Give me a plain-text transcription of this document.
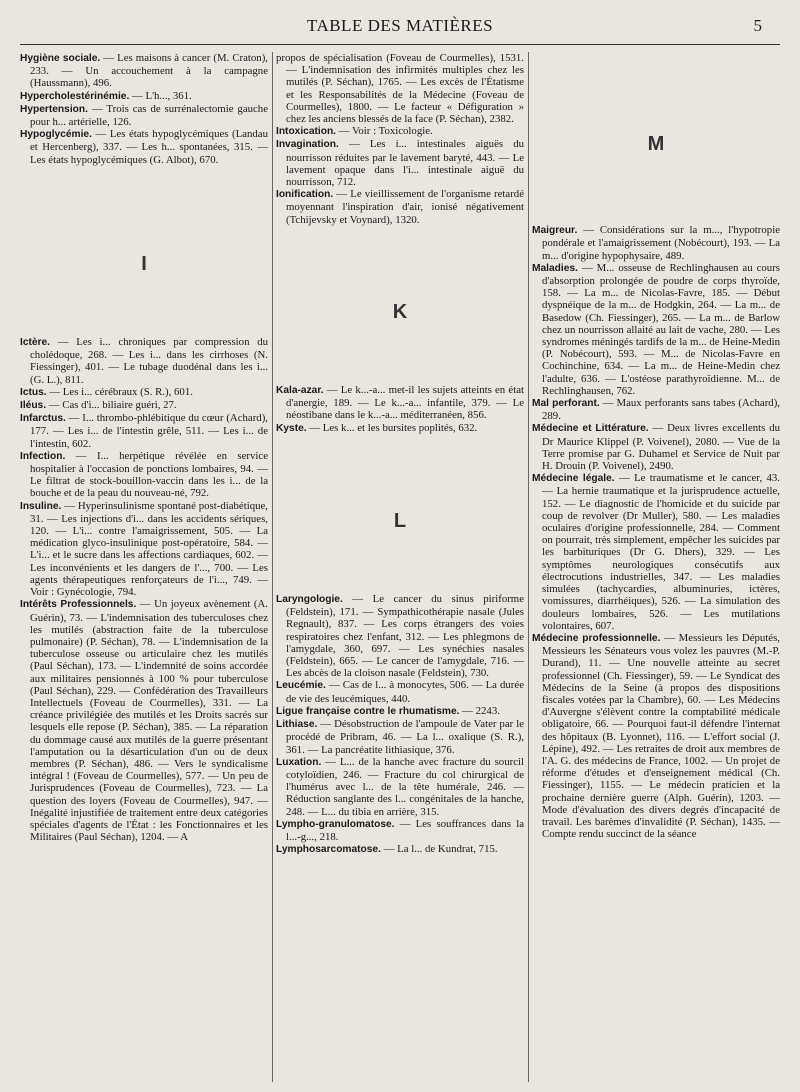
TABLE DES MATIÈRES	5

Hygiène sociale. — Les maisons à cancer (M. Craton), 233. — Un accouchement à la campagne (Haussmann), 496.

Hypercholestérinémie. — L'h..., 361.

Hypertension. — Trois cas de surrénalectomie gauche pour h... artérielle, 126.

Hypoglycémie. — Les états hypoglycémiques (Landau et Hercenberg), 337. — Les h... spontanées, 315. — Les états hypoglycémiques (G. Albot), 670.

I

Ictère. — Les i... chroniques par compression du cholédoque, 268. — Les i... dans les cirrhoses (N. Fiessinger), 401. — Le tubage duodénal dans les i... (G. L.), 811.

Ictus. — Les i... cérébraux (S. R.), 601.

Iléus. — Cas d'i... biliaire guéri, 27.

Infarctus. — I... thrombo-phlébitique du cœur (Achard), 177. — Les i... de l'intestin grêle, 511. — Les i... de l'intestin, 602.

Infection. — I... herpétique révélée en service hospitalier à l'occasion de ponctions lombaires, 94. — Le filtrat de stock-bouillon-vaccin dans les i... de la bouche et de la peau du nouveau-né, 792.

Insuline. — Hyperinsulinisme spontané post-diabétique, 31. — Les injections d'i... dans les accidents sériques, 120. — L'i... contre l'amaigrissement, 505. — La médication glyco-insulinique post-opératoire, 584. — L'i... et le sucre dans les affections cardiaques, 602. — Les inconvénients et les dangers de l'..., 700. — Les agents thérapeutiques renforçateurs de l'i..., 749. — Voir : Gynécologie, 794.

Intérêts Professionnels. — Un joyeux avènement (A. Guérin), 73. — L'indemnisation des tuberculoses chez les mutilés (abstraction faite de la tuberculose pulmonaire) (P. Séchan), 78. — L'indemnisation de la tuberculose osseuse ou articulaire chez les mutilés (Paul Séchan), 173. — L'indemnité de soins accordée aux militaires pensionnés à 100 % pour tuberculose (Paul Séchan), 229. — Confédération des Travailleurs Intellectuels (Foveau de Courmelles), 331. — La créance privilégiée des mutilés et les Droits sacrés sur lesquels elle repose (P. Séchan), 385. — La réparation du dommage causé aux mutilés de la guerre présentant l'amputation ou la désarticulation d'un ou de deux membres (P. Séchan), 486. — Vers le syndicalisme intégral ! (Foveau de Courmelles), 577. — Un peu de Jurisprudences (Foveau de Courmelles), 723. — La question des loyers (Foveau de Courmelles), 947. — Inégalité injustifiée de traitement entre deux catégories spéciales d'agents de l'État : les Fonctionnaires et les Militaires (Paul Séchan), 1204. — A

propos de spécialisation (Foveau de Courmelles), 1531. — L'indemnisation des infirmités multiples chez les mutilés (P. Séchan), 1765. — Les excès de l'Étatisme et les Responsabilités de la Médecine (Foveau de Courmelles), 1800. — Le facteur « Défiguration » chez les anciens blessés de la face (P. Séchan), 2382.

Intoxication. — Voir : Toxicologie.

Invagination. — Les i... intestinales aiguës du nourrisson réduites par le lavement baryté, 443. — Le lavement opaque dans l'i... intestinale aiguë du nourrisson, 712.

Ionification. — Le vieillissement de l'organisme retardé moyennant l'inspiration d'air, ionisé négativement (Tchijevsky et Voynard), 1320.

K

Kala-azar. — Le k...-a... met-il les sujets atteints en état d'anergie, 189. — Le k...-a... infantile, 379. — Le néostibane dans le k...-a... méditerranéen, 856.

Kyste. — Les k... et les bursites poplités, 632.

L

Laryngologie. — Le cancer du sinus piriforme (Feldstein), 171. — Sympathicothérapie nasale (Jules Regnault), 837. — Les corps étrangers des voies respiratoires chez l'enfant, 312. — Les phlegmons de l'amygdale, 360, 697. — Les synéchies nasales (Feldstein), 665. — Le cancer de l'amygdale, 716. — Les abcès de la cloison nasale (Feldstein), 730.

Leucémie. — Cas de l... à monocytes, 506. — La durée de vie des leucémiques, 440.

Ligue française contre le rhumatisme. — 2243.

Lithiase. — Désobstruction de l'ampoule de Vater par le procédé de Pribram, 46. — La l... oxalique (S. R.), 361. — La pancréatite lithiasique, 376.

Luxation. — L... de la hanche avec fracture du sourcil cotyloïdien, 246. — Fracture du col chirurgical de l'humérus avec l... de la tête humérale, 246. — Réduction sanglante des l... congénitales de la hanche, 248. — L... du tibia en arrière, 315.

Lympho-granulomatose. — Les souffrances dans la l...-g..., 218.

Lymphosarcomatose. — La l... de Kundrat, 715.

M

Maigreur. — Considérations sur la m..., l'hypotropie pondérale et l'amaigrissement (Nobécourt), 193. — La m... d'origine hypophysaire, 489.

Maladies. — M... osseuse de Rechlinghausen au cours d'absorption prolongée de poudre de corps thyroïde, 158. — La m... de Nicolas-Favre, 185. — Début dyspnéique de la m... de Hodgkin, 264. — La m... de Basedow (Ch. Fiessinger), 265. — La m... de Barlow chez un nourrisson allaité au lait de vache, 280. — Les syndromes méningés tardifs de la m... de Heine-Medin (P. Nobécourt), 593. — M... de Nicolas-Favre en Cochinchine, 634. — La m... de Heine-Medin chez l'adulte, 636. — L'ostéose parathyroïdienne. M... de Rechlinghausen, 762.

Mal perforant. — Maux perforants sans tabes (Achard), 289.

Médecine et Littérature. — Deux livres excellents du Dr Maurice Klippel (P. Voivenel), 2080. — Vue de la Terre promise par G. Duhamel et Service de Nuit par H. Drouin (P. Voivenel), 2490.

Médecine légale. — Le traumatisme et le cancer, 43. — La hernie traumatique et la jurisprudence actuelle, 152. — Le diagnostic de l'homicide et du suicide par coup de revolver (Dr Muller), 580. — Les maladies oculaires d'origine professionnelle, 284. — Comment on pourrait, très simplement, empêcher les suicides par les barbituriques (Dr G. Dhers), 329. — Les symptômes neurologiques consécutifs aux électrocutions industrielles, 347. — Les maladies simulées (tachycardies, albuminuries, ictères, vomissures, diarrhéiques), 526. — La simulation des douleurs lombaires, 526. — Les mutilations volontaires, 607.

Médecine professionnelle. — Messieurs les Députés, Messieurs les Sénateurs vous volez les pauvres (M.-P. Durand), 11. — Une nouvelle atteinte au secret professionnel (Ch. Fiessinger), 59. — Le Syndicat des Médecins de la Seine (à propos des dispositions fiscales votées par la Chambre), 60. — Les Médecins d'Auvergne s'élèvent contre la comptabilité médicale obligatoire, 66. — Pourquoi faut-il défendre l'internat des hôpitaux (B. Lyonnet), 116. — L'effort social (J. Lépine), 492. — Les retraites de droit aux membres de l'A. G. des médecins de France, 1002. — Un projet de réforme d'études et d'enseignement médical (Ch. Fiessinger), 1155. — Le médecin praticien et la prochaine dernière guerre (Alph. Guérin), 1203. — Mode d'évaluation des divers degrés d'incapacité de travail. Les barèmes d'invalidité (P. Séchan), 1435. — Compte rendu succinct de la séance
